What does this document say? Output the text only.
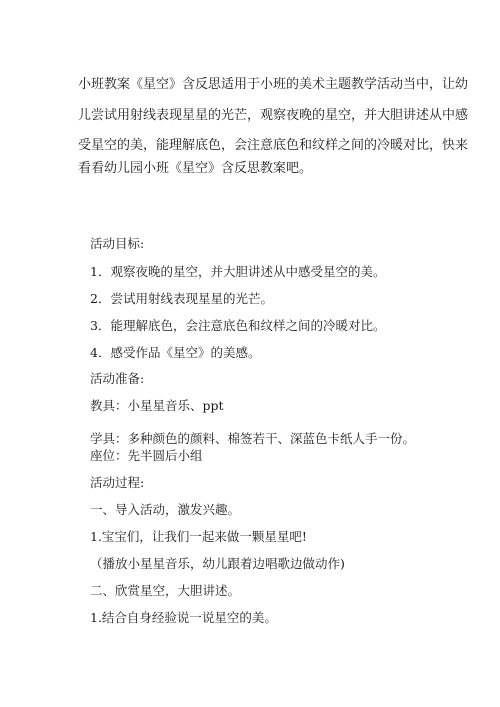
小班教案《星空》含反思适用于小班的美术主题教学活动当中，让幼
儿尝试用射线表现星星的光芒，观察夜晚的星空，并大胆讲述从中感
受星空的美，能理解底色，会注意底色和纹样之间的冷暖对比，快来
看看幼儿园小班《星空》含反思教案吧。
活动目标:
1．观察夜晚的星空，并大胆讲述从中感受星空的美。
2．尝试用射线表现星星的光芒。
3．能理解底色，会注意底色和纹样之间的冷暖对比。
4．感受作品《星空》的美感。
活动准备:
教具：小星星音乐、ppt
学具：多种颜色的颜料、棉签若干、深蓝色卡纸人手一份。
座位：先半圆后小组
活动过程:
一、导入活动，激发兴趣。
1.宝宝们，让我们一起来做一颗星星吧!
（播放小星星音乐，幼儿跟着边唱歌边做动作)
二、欣赏星空，大胆讲述。
1.结合自身经验说一说星空的美。
